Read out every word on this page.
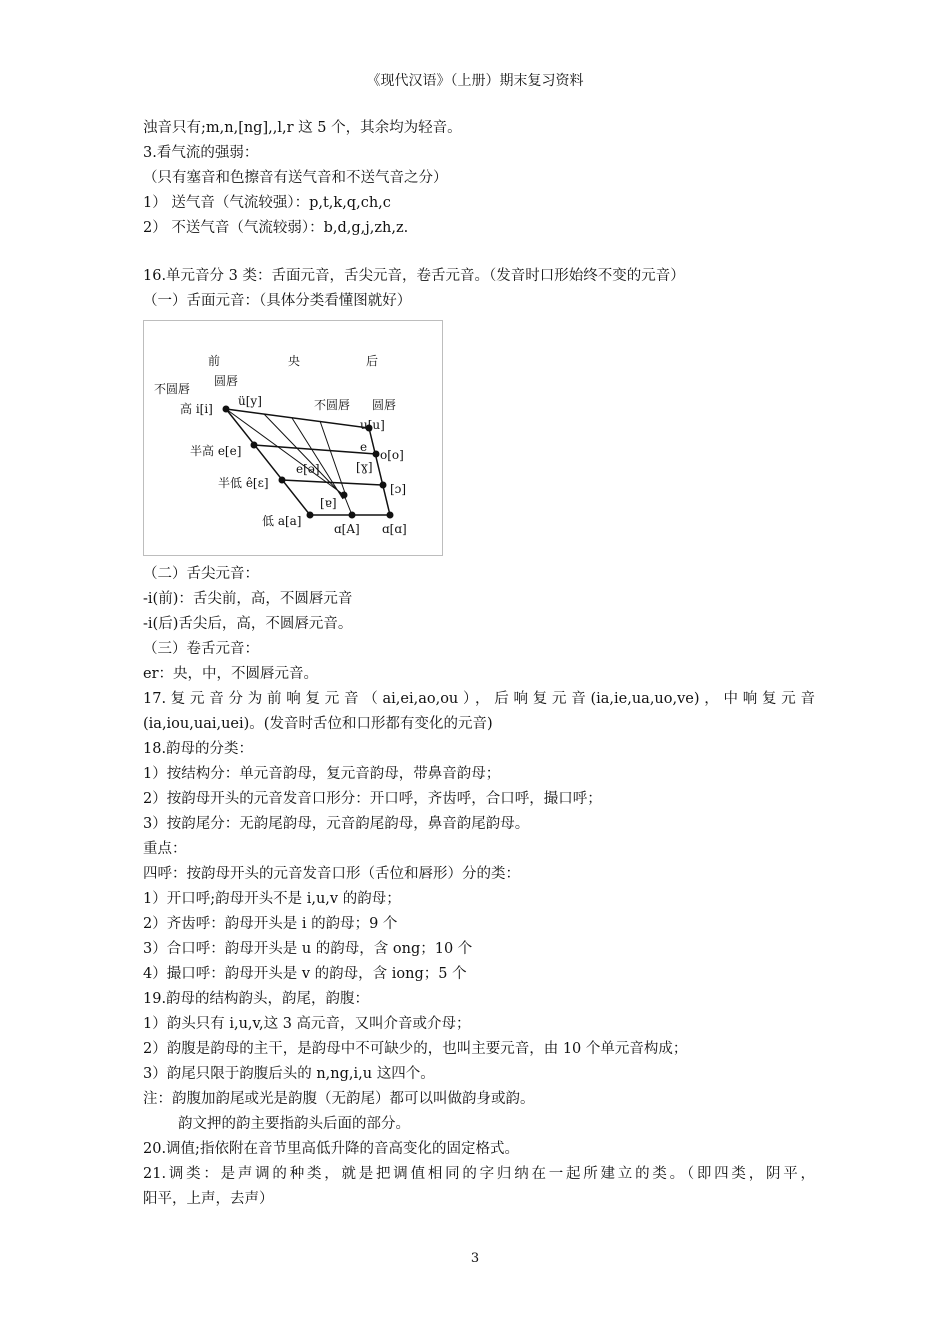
《现代汉语》（上册）期末复习资料
浊音只有;m,n,[ng],,l,r 这 5 个，其余均为轻音。
3.看气流的强弱：
（只有塞音和色擦音有送气音和不送气音之分）
1） 送气音（气流较强）：p,t,k,q,ch,c
2） 不送气音（气流较弱）：b,d,g,j,zh,z.
16.单元音分 3 类：舌面元音，舌尖元音，卷舌元音。（发音时口形始终不变的元音）
（一）舌面元音：（具体分类看懂图就好）
前	央	后
圆唇
不圆唇
高 i[i]
ü[y]	不圆唇 圆唇
u[u]
半高 e[e]	e
o[o]
e[ə]	[ɣ]
半低 ê[ɛ]	[ɔ]
[ɐ]
低 a[a]
ɑ[A] ɑ[ɑ]
（二）舌尖元音：
-i(前)：舌尖前，高，不圆唇元音
-i(后)舌尖后，高，不圆唇元音。
（三）卷舌元音：
er：央，中，不圆唇元音。
17.复元音分为前响复元音（ai,ei,ao,ou），后响复元音(ia,ie,ua,uo,ve)，中响复元音
(ia,iou,uai,uei)。(发音时舌位和口形都有变化的元音)
18.韵母的分类：
1）按结构分：单元音韵母，复元音韵母，带鼻音韵母；
2）按韵母开头的元音发音口形分：开口呼，齐齿呼，合口呼，撮口呼；
3）按韵尾分：无韵尾韵母，元音韵尾韵母，鼻音韵尾韵母。
重点：
四呼：按韵母开头的元音发音口形（舌位和唇形）分的类：
1）开口呼;韵母开头不是 i,u,v 的韵母；
2）齐齿呼：韵母开头是 i 的韵母；9 个
3）合口呼：韵母开头是 u 的韵母，含 ong；10 个
4）撮口呼：韵母开头是 v 的韵母，含 iong；5 个
19.韵母的结构韵头，韵尾，韵腹：
1）韵头只有 i,u,v,这 3 高元音，又叫介音或介母；
2）韵腹是韵母的主干，是韵母中不可缺少的，也叫主要元音，由 10 个单元音构成；
3）韵尾只限于韵腹后头的 n,ng,i,u 这四个。
注：韵腹加韵尾或光是韵腹（无韵尾）都可以叫做韵身或韵。
韵文押的韵主要指韵头后面的部分。
20.调值;指依附在音节里高低升降的音高变化的固定格式。
21.调类：是声调的种类，就是把调值相同的字归纳在一起所建立的类。（即四类，阴平，
阳平，上声，去声）
3
